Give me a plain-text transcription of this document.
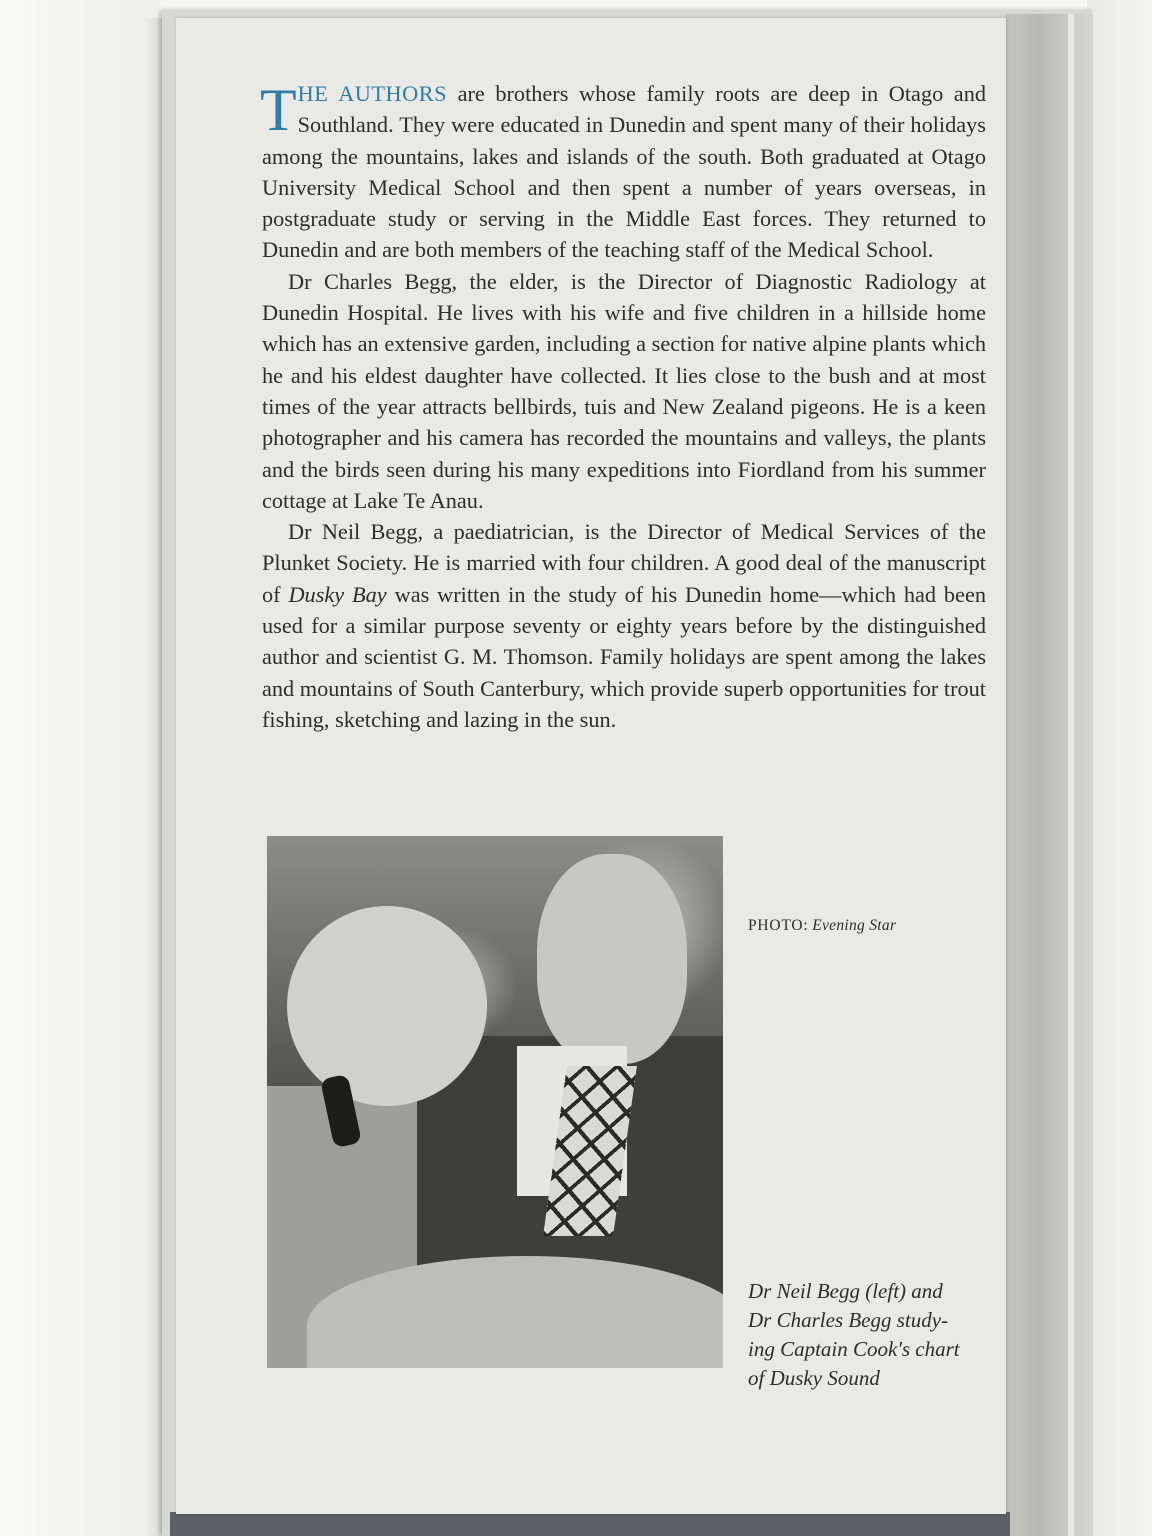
THE AUTHORS are brothers whose family roots are deep in Otago and Southland. They were educated in Dunedin and spent many of their holidays among the mountains, lakes and islands of the south. Both graduated at Otago University Medical School and then spent a number of years overseas, in postgraduate study or serving in the Middle East forces. They returned to Dunedin and are both members of the teaching staff of the Medical School.

Dr Charles Begg, the elder, is the Director of Diagnostic Radiology at Dunedin Hospital. He lives with his wife and five children in a hillside home which has an extensive garden, including a section for native alpine plants which he and his eldest daughter have collected. It lies close to the bush and at most times of the year attracts bellbirds, tuis and New Zealand pigeons. He is a keen photographer and his camera has recorded the mountains and valleys, the plants and the birds seen during his many expeditions into Fiordland from his summer cottage at Lake Te Anau.

Dr Neil Begg, a paediatrician, is the Director of Medical Services of the Plunket Society. He is married with four children. A good deal of the manuscript of Dusky Bay was written in the study of his Dunedin home—which had been used for a similar purpose seventy or eighty years before by the distinguished author and scientist G. M. Thomson. Family holidays are spent among the lakes and mountains of South Canterbury, which provide superb opportunities for trout fishing, sketching and lazing in the sun.

PHOTO: Evening Star
Dr Neil Begg (left) and
Dr Charles Begg study-
ing Captain Cook's chart
of Dusky Sound
